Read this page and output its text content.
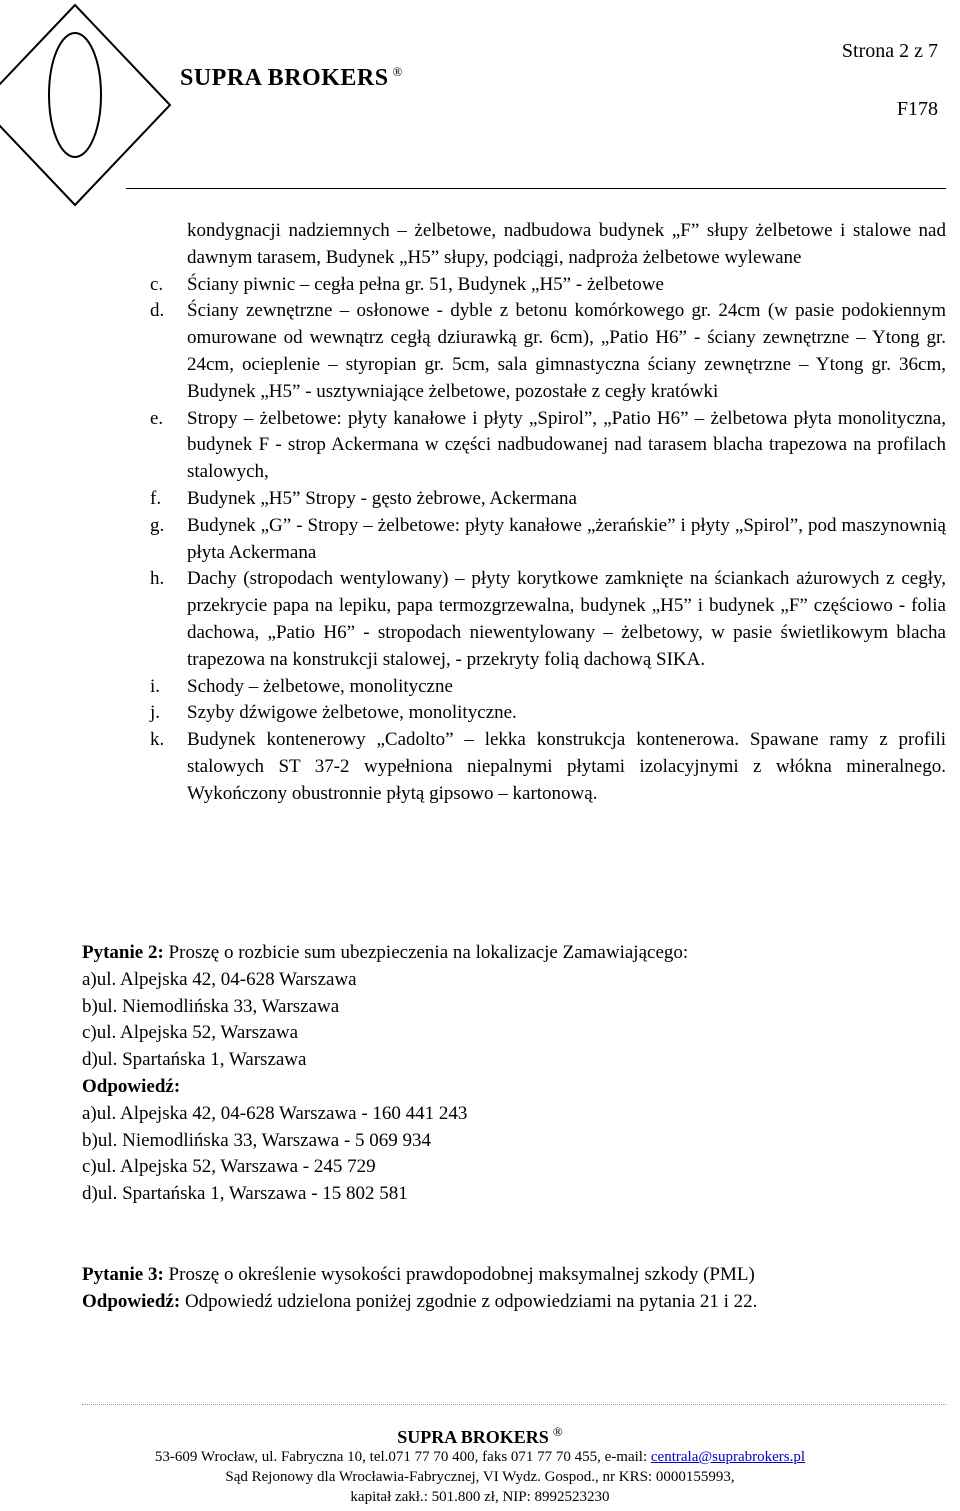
SUPRA BROKERS ®
Strona 2 z 7
F178
kondygnacji nadziemnych – żelbetowe, nadbudowa budynek „F” słupy żelbetowe i stalowe nad dawnym tarasem, Budynek „H5” słupy, podciągi, nadproża żelbetowe wylewane
c.	Ściany piwnic – cegła pełna gr. 51, Budynek „H5” - żelbetowe
d.	Ściany zewnętrzne – osłonowe - dyble z betonu komórkowego gr. 24cm (w pasie podokiennym omurowane od wewnątrz cegłą dziurawką gr. 6cm), „Patio H6” - ściany zewnętrzne – Ytong gr. 24cm, ocieplenie – styropian gr. 5cm, sala gimnastyczna ściany zewnętrzne – Ytong gr. 36cm, Budynek „H5” - usztywniające żelbetowe, pozostałe z cegły kratówki
e.	Stropy – żelbetowe: płyty kanałowe i płyty „Spirol”, „Patio H6” – żelbetowa płyta monolityczna, budynek F - strop Ackermana w części nadbudowanej nad tarasem blacha trapezowa na profilach stalowych,
f.	Budynek „H5” Stropy - gęsto żebrowe, Ackermana
g.	Budynek „G” - Stropy – żelbetowe: płyty kanałowe „żerańskie” i płyty „Spirol”, pod maszynownią płyta Ackermana
h.	Dachy (stropodach wentylowany) – płyty korytkowe zamknięte na ściankach ażurowych z cegły, przekrycie papa na lepiku, papa termozgrzewalna, budynek „H5” i budynek „F” częściowo - folia dachowa, „Patio H6” - stropodach niewentylowany – żelbetowy, w pasie świetlikowym blacha trapezowa na konstrukcji stalowej, - przekryty folią dachową SIKA.
i.	Schody – żelbetowe, monolityczne
j.	Szyby dźwigowe żelbetowe, monolityczne.
k.	Budynek kontenerowy „Cadolto” – lekka konstrukcja kontenerowa. Spawane ramy z profili stalowych ST 37-2 wypełniona niepalnymi płytami izolacyjnymi z włókna mineralnego. Wykończony obustronnie płytą gipsowo – kartonową.
Pytanie 2: Proszę o rozbicie sum ubezpieczenia na lokalizacje Zamawiającego:
a)ul. Alpejska 42, 04-628 Warszawa
b)ul. Niemodlińska 33, Warszawa
c)ul. Alpejska 52, Warszawa
d)ul. Spartańska 1, Warszawa
Odpowiedź:
a)ul. Alpejska 42, 04-628 Warszawa - 160 441 243
b)ul. Niemodlińska 33, Warszawa - 5 069 934
c)ul. Alpejska 52, Warszawa - 245 729
d)ul. Spartańska 1, Warszawa - 15 802 581
Pytanie 3: Proszę o określenie wysokości prawdopodobnej maksymalnej szkody (PML)
Odpowiedź: Odpowiedź udzielona poniżej zgodnie z odpowiedziami na pytania 21 i 22.
SUPRA BROKERS ®
53-609 Wrocław, ul. Fabryczna 10, tel.071 77 70 400, faks 071 77 70 455, e-mail: centrala@suprabrokers.pl
Sąd Rejonowy dla Wrocławia-Fabrycznej, VI Wydz. Gospod., nr KRS: 0000155993,
kapitał zakł.: 501.800 zł, NIP: 8992523230
